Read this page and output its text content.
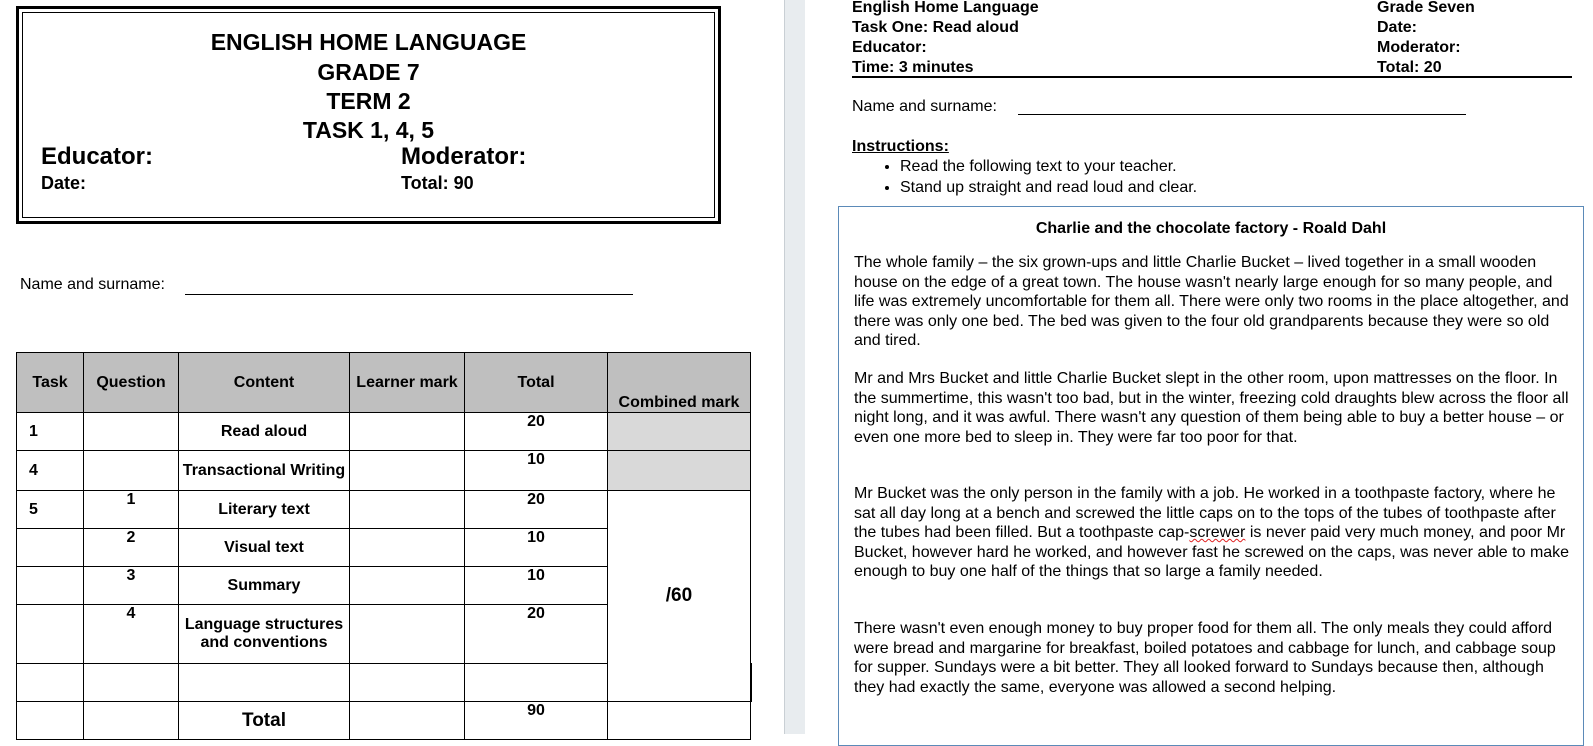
ENGLISH HOME LANGUAGE
GRADE 7
TERM 2
TASK 1, 4, 5
Educator:	Moderator:
Date:	Total: 90
Name and surname:
Task	Question	Content	Learner mark	Total	Combined mark	
1		Read aloud		20		
4		Transactional Writing		10		
5	1	Literary text		20	/60	
	2	Visual text		10		
	3	Summary		10		
	4	Language structures and conventions		20		

		Total		90		
English Home Language
Task One: Read aloud
Educator:
Time: 3 minutes
Grade Seven
Date:
Moderator:
Total: 20
Name and surname:
Instructions:
• Read the following text to your teacher.
• Stand up straight and read loud and clear.
Charlie and the chocolate factory - Roald Dahl

The whole family – the six grown-ups and little Charlie Bucket – lived together in a small wooden house on the edge of a great town. The house wasn't nearly large enough for so many people, and life was extremely uncomfortable for them all. There were only two rooms in the place altogether, and there was only one bed. The bed was given to the four old grandparents because they were so old and tired.

Mr and Mrs Bucket and little Charlie Bucket slept in the other room, upon mattresses on the floor. In the summertime, this wasn't too bad, but in the winter, freezing cold draughts blew across the floor all night long, and it was awful. There wasn't any question of them being able to buy a better house – or even one more bed to sleep in. They were far too poor for that.

Mr Bucket was the only person in the family with a job. He worked in a toothpaste factory, where he sat all day long at a bench and screwed the little caps on to the tops of the tubes of toothpaste after the tubes had been filled. But a toothpaste cap-screwer is never paid very much money, and poor Mr Bucket, however hard he worked, and however fast he screwed on the caps, was never able to make enough to buy one half of the things that so large a family needed.

There wasn't even enough money to buy proper food for them all. The only meals they could afford were bread and margarine for breakfast, boiled potatoes and cabbage for lunch, and cabbage soup for supper. Sundays were a bit better. They all looked forward to Sundays because then, although they had exactly the same, everyone was allowed a second helping.
